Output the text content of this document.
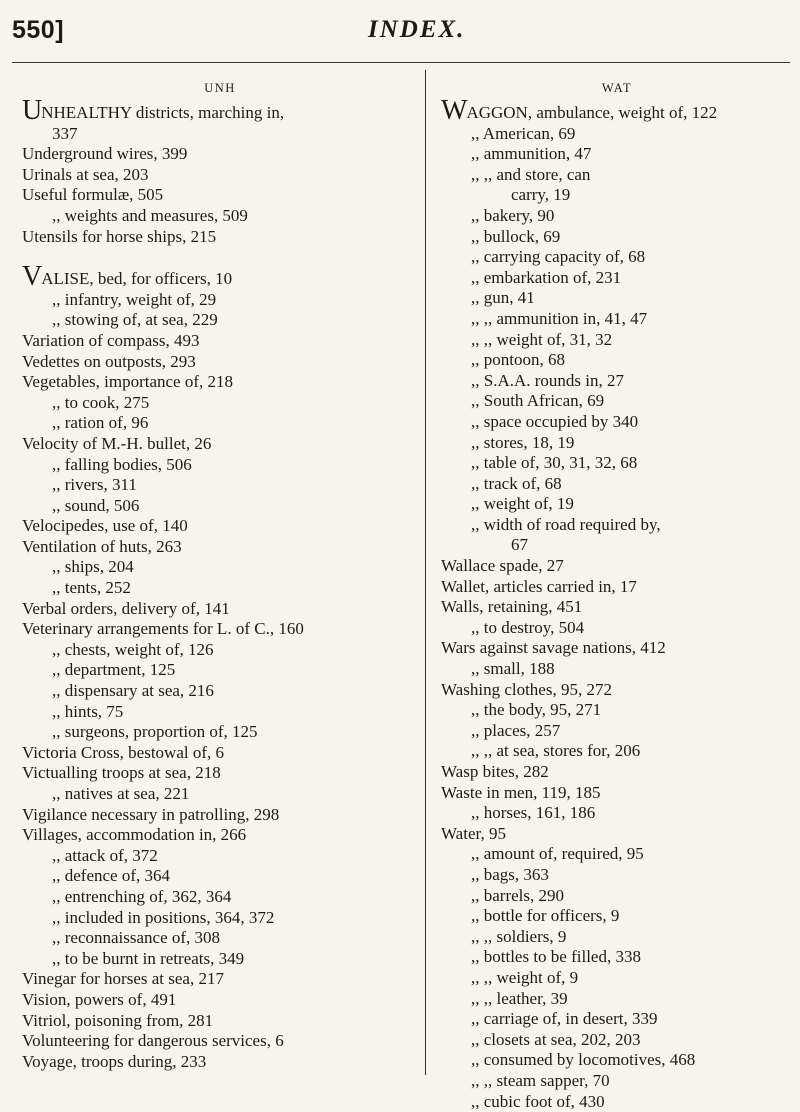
550]	INDEX.
UNH
UNHEALTHY districts, marching in,
337
Underground wires, 399
Urinals at sea, 203
Useful formulæ, 505
,, weights and measures, 509
Utensils for horse ships, 215
VALISE, bed, for officers, 10
,, infantry, weight of, 29
,, stowing of, at sea, 229
Variation of compass, 493
Vedettes on outposts, 293
Vegetables, importance of, 218
,, to cook, 275
,, ration of, 96
Velocity of M.-H. bullet, 26
,, falling bodies, 506
,, rivers, 311
,, sound, 506
Velocipedes, use of, 140
Ventilation of huts, 263
,, ships, 204
,, tents, 252
Verbal orders, delivery of, 141
Veterinary arrangements for L. of C., 160
,, chests, weight of, 126
,, department, 125
,, dispensary at sea, 216
,, hints, 75
,, surgeons, proportion of, 125
Victoria Cross, bestowal of, 6
Victualling troops at sea, 218
,, natives at sea, 221
Vigilance necessary in patrolling, 298
Villages, accommodation in, 266
,, attack of, 372
,, defence of, 364
,, entrenching of, 362, 364
,, included in positions, 364, 372
,, reconnaissance of, 308
,, to be burnt in retreats, 349
Vinegar for horses at sea, 217
Vision, powers of, 491
Vitriol, poisoning from, 281
Volunteering for dangerous services, 6
Voyage, troops during, 233
WAT
WAGGON, ambulance, weight of, 122
,, American, 69
,, ammunition, 47
,, ,, and store, can
carry, 19
,, bakery, 90
,, bullock, 69
,, carrying capacity of, 68
,, embarkation of, 231
,, gun, 41
,, ,, ammunition in, 41, 47
,, ,, weight of, 31, 32
,, pontoon, 68
,, S.A.A. rounds in, 27
,, South African, 69
,, space occupied by 340
,, stores, 18, 19
,, table of, 30, 31, 32, 68
,, track of, 68
,, weight of, 19
,, width of road required by,
67
Wallace spade, 27
Wallet, articles carried in, 17
Walls, retaining, 451
,, to destroy, 504
Wars against savage nations, 412
,, small, 188
Washing clothes, 95, 272
,, the body, 95, 271
,, places, 257
,, ,, at sea, stores for, 206
Wasp bites, 282
Waste in men, 119, 185
,, horses, 161, 186
Water, 95
,, amount of, required, 95
,, bags, 363
,, barrels, 290
,, bottle for officers, 9
,, ,, soldiers, 9
,, bottles to be filled, 338
,, ,, weight of, 9
,, ,, leather, 39
,, carriage of, in desert, 339
,, closets at sea, 202, 203
,, consumed by locomotives, 468
,, ,, steam sapper, 70
,, cubic foot of, 430
